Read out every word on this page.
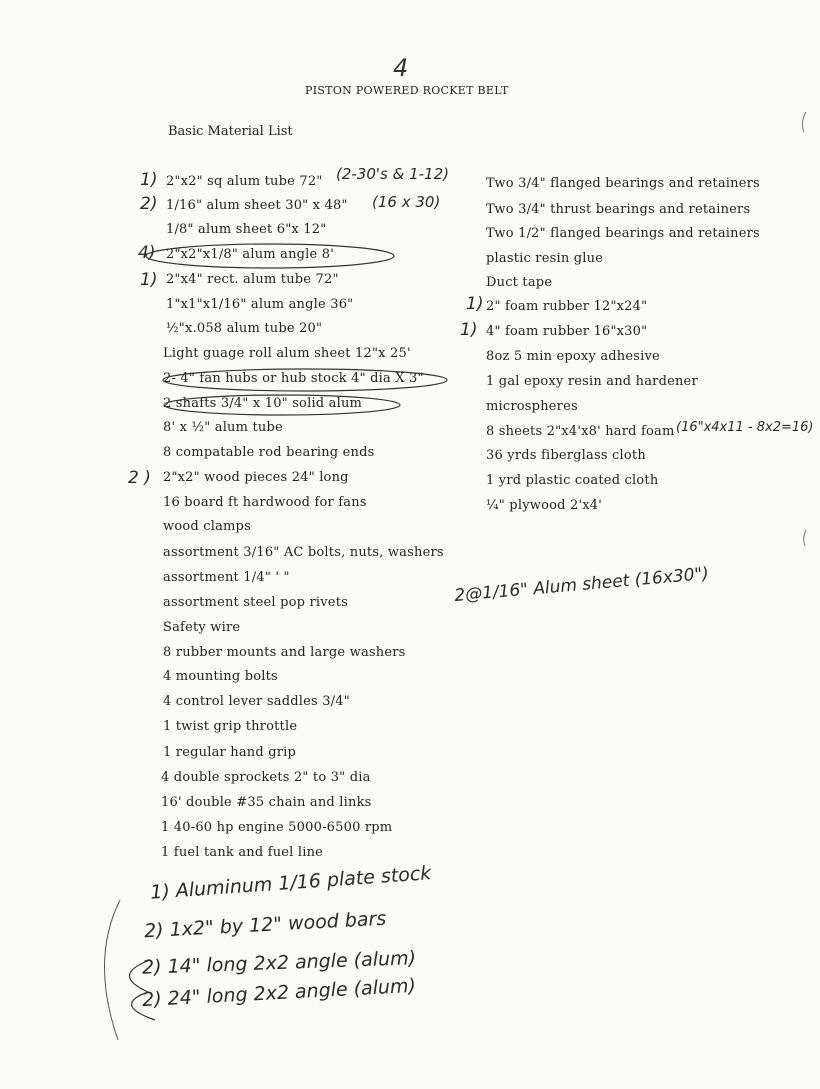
4
PISTON POWERED ROCKET BELT
Basic Material List
2"x2" sq alum tube 72"
1/16" alum sheet 30" x 48"
1/8" alum sheet 6"x 12"
2"x2"x1/8" alum angle 8'
2"x4" rect. alum tube 72"
1"x1"x1/16" alum angle 36"
½"x.058 alum tube 20"
Light guage roll alum sheet 12"x 25'
2- 4" fan hubs or hub stock 4" dia X 3"
2 shafts 3/4" x 10" solid alum
8' x ½" alum tube
8 compatable rod bearing ends
2"x2" wood pieces 24" long
16 board ft hardwood for fans
wood clamps
assortment 3/16" AC bolts, nuts, washers
assortment 1/4" ' "
assortment steel pop rivets
Safety wire
8 rubber mounts and large washers
4 mounting bolts
4 control lever saddles 3/4"
1 twist grip throttle
1 regular hand grip
4 double sprockets 2" to 3" dia
16' double #35 chain and links
1 40-60 hp engine 5000-6500 rpm
1 fuel tank and fuel line
Two 3/4" flanged bearings and retainers
Two 3/4" thrust bearings and retainers
Two 1/2" flanged bearings and retainers
plastic resin glue
Duct tape
2" foam rubber 12"x24"
4" foam rubber 16"x30"
8oz 5 min epoxy adhesive
1 gal epoxy resin and hardener
microspheres
8 sheets 2"x4'x8' hard foam
36 yrds fiberglass cloth
1 yrd plastic coated cloth
¼" plywood 2'x4'
1)
2)
4)
1)
2 )
1)
1)
(2-30's & 1-12)
(16 x 30)
(16"x4x11 - 8x2=16)
2@1/16" Alum sheet (16x30")
1) Aluminum 1/16 plate stock
2) 1x2" by 12" wood bars
2) 14" long 2x2 angle (alum)
2) 24" long 2x2 angle (alum)
